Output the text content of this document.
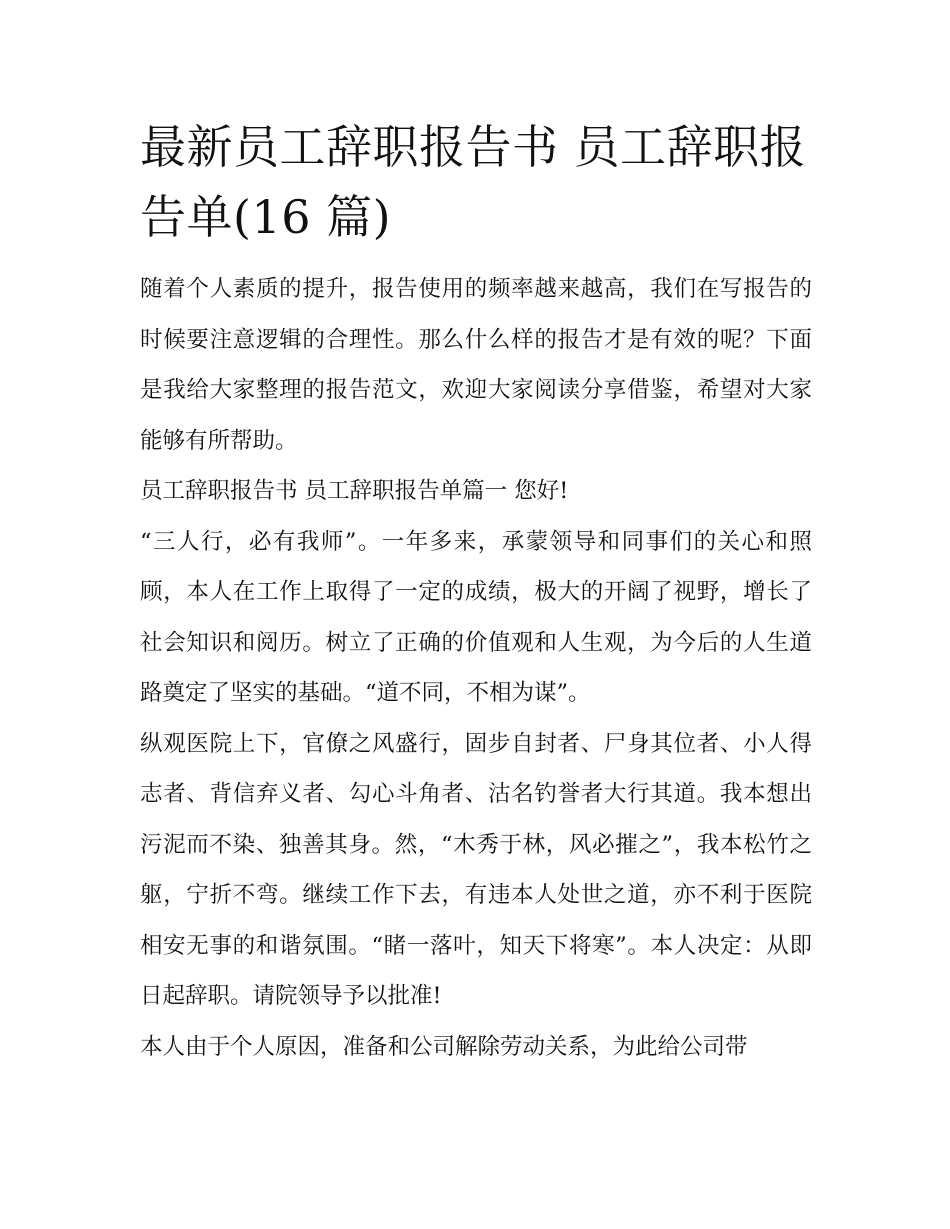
最新员工辞职报告书 员工辞职报告单(16 篇)

随着个人素质的提升，报告使用的频率越来越高，我们在写报告的时候要注意逻辑的合理性。那么什么样的报告才是有效的呢？下面是我给大家整理的报告范文，欢迎大家阅读分享借鉴，希望对大家能够有所帮助。

员工辞职报告书 员工辞职报告单篇一 您好!

“三人行，必有我师”。一年多来，承蒙领导和同事们的关心和照顾，本人在工作上取得了一定的成绩，极大的开阔了视野，增长了社会知识和阅历。树立了正确的价值观和人生观，为今后的人生道路奠定了坚实的基础。“道不同，不相为谋”。

纵观医院上下，官僚之风盛行，固步自封者、尸身其位者、小人得志者、背信弃义者、勾心斗角者、沽名钓誉者大行其道。我本想出污泥而不染、独善其身。然，“木秀于林，风必摧之”，我本松竹之躯，宁折不弯。继续工作下去，有违本人处世之道，亦不利于医院相安无事的和谐氛围。“睹一落叶，知天下将寒”。本人决定：从即日起辞职。请院领导予以批准!

本人由于个人原因，准备和公司解除劳动关系，为此给公司带
